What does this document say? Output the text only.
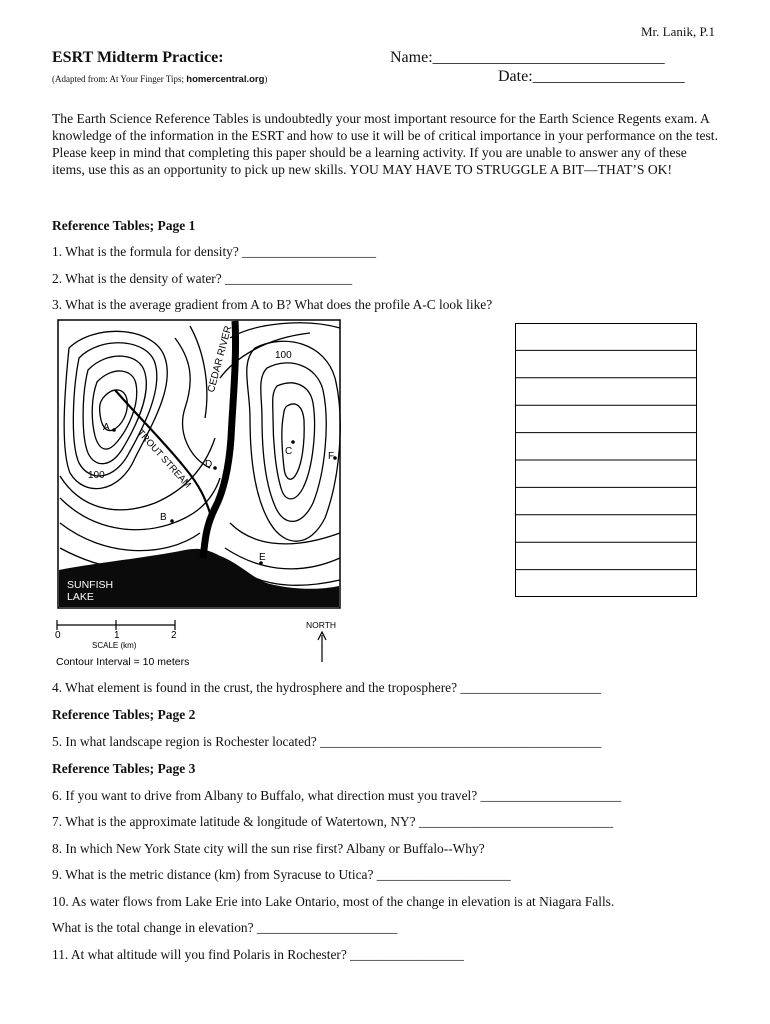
Mr. Lanik, P.1
ESRT Midterm Practice:	Name:_____________________________
(Adapted from: At Your Finger Tips; homercentral.org)	Date:___________________
The Earth Science Reference Tables is undoubtedly your most important resource for the Earth Science Regents exam. A knowledge of the information in the ESRT and how to use it will be of critical importance in your performance on the test. Please keep in mind that completing this paper should be a learning activity. If you are unable to answer any of these items, use this as an opportunity to pick up new skills. YOU MAY HAVE TO STRUGGLE A BIT—THAT’S OK!
Reference Tables; Page 1
1. What is the formula for density? ____________________
2. What is the density of water? ___________________
3. What is the average gradient from A to B? What does the profile A-C look like?
CEDAR RIVER
TROUT STREAM
100
100
A
B
C
D
E
F
SUNFISH
LAKE
0	1	2
SCALE (km)
Contour Interval = 10 meters
NORTH
4. What element is found in the crust, the hydrosphere and the troposphere? _____________________
Reference Tables; Page 2
5. In what landscape region is Rochester located? __________________________________________
Reference Tables; Page 3
6. If you want to drive from Albany to Buffalo, what direction must you travel? _____________________
7. What is the approximate latitude & longitude of Watertown, NY? _____________________________
8. In which New York State city will the sun rise first? Albany or Buffalo--Why?
9. What is the metric distance (km) from Syracuse to Utica? ____________________
10. As water flows from Lake Erie into Lake Ontario, most of the change in elevation is at Niagara Falls.
What is the total change in elevation? _____________________
11. At what altitude will you find Polaris in Rochester? _________________
